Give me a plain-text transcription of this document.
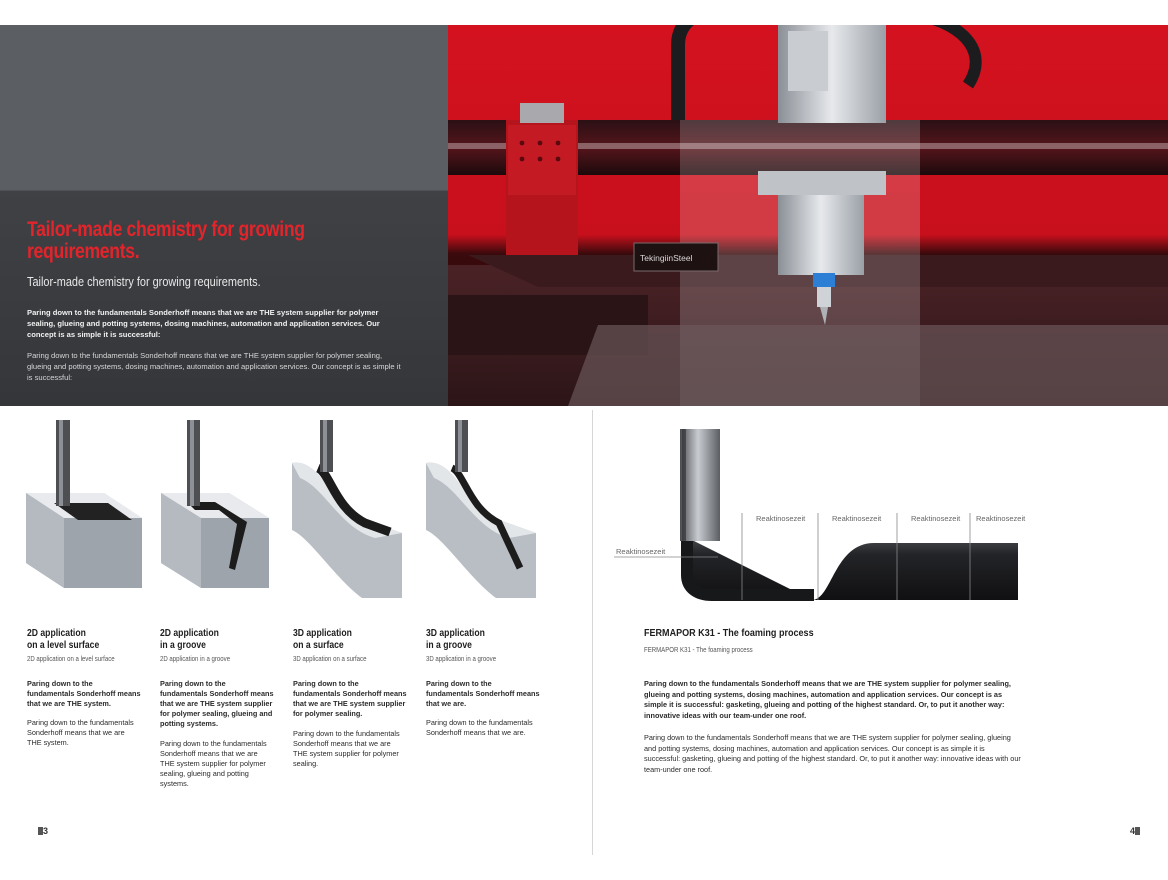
Tailor-made chemistry for growing requirements.
Tailor-made chemistry for growing requirements.
Paring down to the fundamentals Sonderhoff means that we are THE system supplier for polymer sealing, glueing and potting systems, dosing machines, automation and application services. Our concept is as simple it is successful:
Paring down to the fundamentals Sonderhoff means that we are THE system supplier for polymer sealing, glueing and potting systems, dosing machines, automation and application services. Our concept is as simple it is successful:
TekingiinSteel
2D application
on a level surface
2D application on a level surface
Paring down to the fundamentals Sonderhoff means that we are THE system.
Paring down to the fundamentals Sonderhoff means that we are THE system.
2D application
in a groove
2D application in a groove
Paring down to the fundamentals Sonderhoff means that we are THE system supplier for polymer sealing, glueing and potting systems.
Paring down to the fundamentals Sonderhoff means that we are THE system supplier for polymer sealing, glueing and potting systems.
3D application
on a surface
3D application on a surface
Paring down to the fundamentals Sonderhoff means that we are THE system supplier for polymer sealing.
Paring down to the fundamentals Sonderhoff means that we are THE system supplier for polymer sealing.
3D application
in a groove
3D application in a groove
Paring down to the fundamentals Sonderhoff means that we are.
Paring down to the fundamentals Sonderhoff means that we are.
3
Reaktinosezeit	Reaktinosezeit	Reaktinosezeit Reaktinosezeit
Reaktinosezeit
FERMAPOR K31 - The foaming process
FERMAPOR K31 - The foaming process
Paring down to the fundamentals Sonderhoff means that we are THE system supplier for polymer sealing, glueing and potting systems, dosing machines, automation and application services. Our concept is as simple it is successful: gasketing, glueing and potting of the highest standard. Or, to put it another way: innovative ideas with our team-under one roof.
Paring down to the fundamentals Sonderhoff means that we are THE system supplier for polymer sealing, glueing and potting systems, dosing machines, automation and application services. Our concept is as simple it is successful: gasketing, glueing and potting of the highest standard. Or, to put it another way: innovative ideas with our team-under one roof.
4
